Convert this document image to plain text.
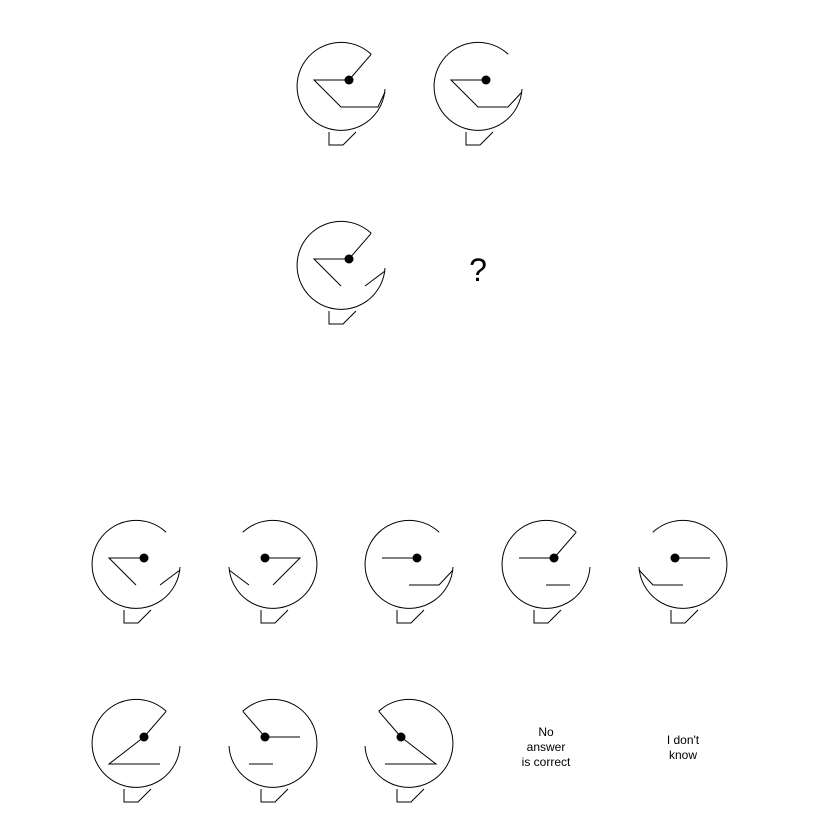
?
No
answer
is correct
I don't
know
